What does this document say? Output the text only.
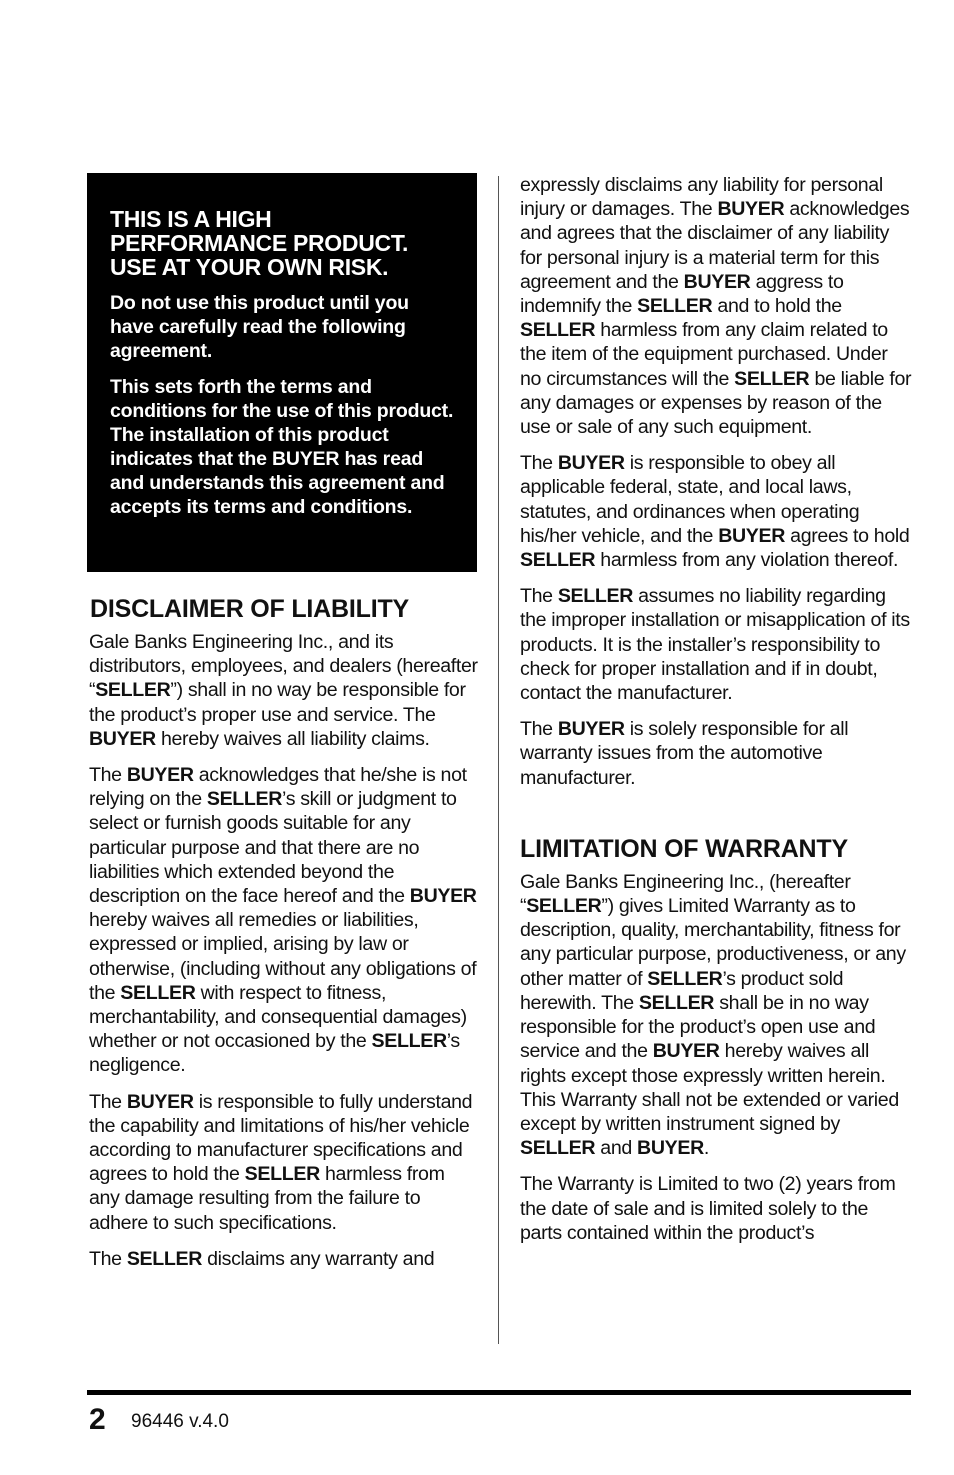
THIS IS A HIGH
PERFORMANCE PRODUCT.
USE AT YOUR OWN RISK.

Do not use this product until you have carefully read the following agreement.

This sets forth the terms and conditions for the use of this product. The installation of this product indicates that the BUYER has read and understands this agreement and accepts its terms and conditions.

DISCLAIMER OF LIABILITY

Gale Banks Engineering Inc., and its distributors, employees, and dealers (hereafter “SELLER”) shall in no way be responsible for the product’s proper use and service. The BUYER hereby waives all liability claims.

The BUYER acknowledges that he/she is not relying on the SELLER’s skill or judgment to select or furnish goods suitable for any particular purpose and that there are no liabilities which extended beyond the description on the face hereof and the BUYER hereby waives all remedies or liabilities, expressed or implied, arising by law or otherwise, (including without any obligations of the SELLER with respect to fitness, merchantability, and consequential damages) whether or not occasioned by the SELLER’s negligence.

The BUYER is responsible to fully understand the capability and limitations of his/her vehicle according to manufacturer specifications and agrees to hold the SELLER harmless from any damage resulting from the failure to adhere to such specifications.

The SELLER disclaims any warranty and

expressly disclaims any liability for personal injury or damages. The BUYER acknowledges and agrees that the disclaimer of any liability for personal injury is a material term for this agreement and the BUYER aggress to indemnify the SELLER and to hold the SELLER harmless from any claim related to the item of the equipment purchased. Under no circumstances will the SELLER be liable for any damages or expenses by reason of the use or sale of any such equipment.

The BUYER is responsible to obey all applicable federal, state, and local laws, statutes, and ordinances when operating his/her vehicle, and the BUYER agrees to hold SELLER harmless from any violation thereof.

The SELLER assumes no liability regarding the improper installation or misapplication of its products. It is the installer’s responsibility to check for proper installation and if in doubt, contact the manufacturer.

The BUYER is solely responsible for all warranty issues from the automotive manufacturer.

LIMITATION OF WARRANTY

Gale Banks Engineering Inc., (hereafter “SELLER”) gives Limited Warranty as to description, quality, merchantability, fitness for any particular purpose, productiveness, or any other matter of SELLER’s product sold herewith. The SELLER shall be in no way responsible for the product’s open use and service and the BUYER hereby waives all rights except those expressly written herein. This Warranty shall not be extended or varied except by written instrument signed by SELLER and BUYER.

The Warranty is Limited to two (2) years from the date of sale and is limited solely to the parts contained within the product’s

2 96446 v.4.0
